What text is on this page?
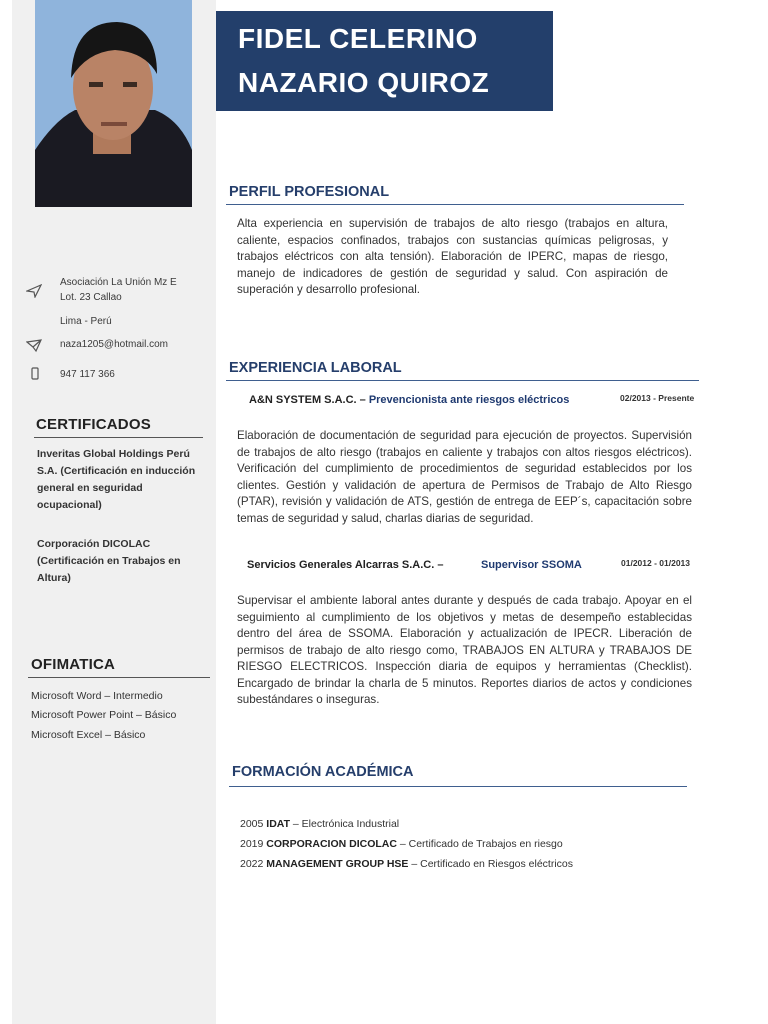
Asociación La Unión Mz E
Lot. 23 Callao
Lima - Perú
naza1205@hotmail.com
947 117 366
CERTIFICADOS
Inveritas Global Holdings Perú S.A. (Certificación en inducción general en seguridad ocupacional)
Corporación DICOLAC (Certificación en Trabajos en Altura)
OFIMATICA
Microsoft Word – Intermedio
Microsoft Power Point – Básico
Microsoft Excel – Básico
FIDEL CELERINO
NAZARIO QUIROZ
PERFIL PROFESIONAL
Alta experiencia en supervisión de trabajos de alto riesgo (trabajos en altura, caliente, espacios confinados, trabajos con sustancias químicas peligrosas, y trabajos eléctricos con alta tensión). Elaboración de IPERC, mapas de riesgo, manejo de indicadores de gestión de seguridad y salud. Con aspiración de superación y desarrollo profesional.
EXPERIENCIA LABORAL
A&N SYSTEM S.A.C. – Prevencionista ante riesgos eléctricos	02/2013 - Presente
Elaboración de documentación de seguridad para ejecución de proyectos. Supervisión de trabajos de alto riesgo (trabajos en caliente y trabajos con altos riesgos eléctricos). Verificación del cumplimiento de procedimientos de seguridad establecidos por los clientes. Gestión y validación de apertura de Permisos de Trabajo de Alto Riesgo (PTAR), revisión y validación de ATS, gestión de entrega de EEP´s, capacitación sobre temas de seguridad y salud, charlas diarias de seguridad.
Servicios Generales Alcarras S.A.C. –	Supervisor SSOMA	01/2012 - 01/2013
Supervisar el ambiente laboral antes durante y después de cada trabajo. Apoyar en el seguimiento al cumplimiento de los objetivos y metas de desempeño establecidas dentro del área de SSOMA. Elaboración y actualización de IPECR. Liberación de permisos de trabajo de alto riesgo como, TRABAJOS EN ALTURA y TRABAJOS DE RIESGO ELECTRICOS. Inspección diaria de equipos y herramientas (Checklist). Encargado de brindar la charla de 5 minutos. Reportes diarios de actos y condiciones subestándares o inseguras.
FORMACIÓN ACADÉMICA
2005 IDAT – Electrónica Industrial
2019 CORPORACION DICOLAC – Certificado de Trabajos en riesgo
2022 MANAGEMENT GROUP HSE – Certificado en Riesgos eléctricos
